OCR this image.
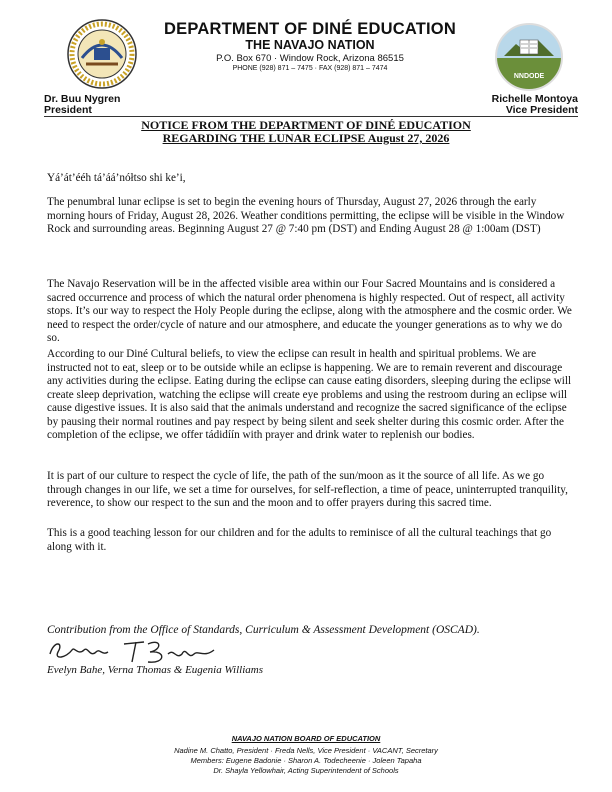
NNDODE
DEPARTMENT OF DINÉ EDUCATION
THE NAVAJO NATION
P.O. Box 670 · Window Rock, Arizona 86515
PHONE (928) 871 – 7475 · FAX (928) 871 – 7474
Dr. Buu Nygren
President
Richelle Montoya
Vice President
NOTICE FROM THE DEPARTMENT OF DINÉ EDUCATION
REGARDING THE LUNAR ECLIPSE August 27, 2026

Yá’át’ééh tá’áá’nółtso shi ke’i,

The penumbral lunar eclipse is set to begin the evening hours of Thursday, August 27, 2026 through the early morning hours of Friday, August 28, 2026. Weather conditions permitting, the eclipse will be visible in the Window Rock and surrounding areas. Beginning August 27 @ 7:40 pm (DST) and Ending August 28 @ 1:00am (DST)

The Navajo Reservation will be in the affected visible area within our Four Sacred Mountains and is considered a sacred occurrence and process of which the natural order phenomena is highly respected. Out of respect, all activity stops. It’s our way to respect the Holy People during the eclipse, along with the atmosphere and the cosmic order. We need to respect the order/cycle of nature and our atmosphere, and educate the younger generations as to why we do so.

According to our Diné Cultural beliefs, to view the eclipse can result in health and spiritual problems. We are instructed not to eat, sleep or to be outside while an eclipse is happening. We are to remain reverent and discourage any activities during the eclipse. Eating during the eclipse can cause eating disorders, sleeping during the eclipse will create sleep deprivation, watching the eclipse will create eye problems and using the restroom during an eclipse will cause digestive issues. It is also said that the animals understand and recognize the sacred significance of the eclipse by pausing their normal routines and pay respect by being silent and seek shelter during this cosmic order. After the completion of the eclipse, we offer tádidíín with prayer and drink water to replenish our bodies.

It is part of our culture to respect the cycle of life, the path of the sun/moon as it the source of all life. As we go through changes in our life, we set a time for ourselves, for self-reflection, a time of peace, uninterrupted tranquility, reverence, to show our respect to the sun and the moon and to offer prayers during this sacred time.

This is a good teaching lesson for our children and for the adults to reminisce of all the cultural teachings that go along with it.

Contribution from the Office of Standards, Curriculum & Assessment Development (OSCAD).
Evelyn Bahe, Verna Thomas & Eugenia Williams
NAVAJO NATION BOARD OF EDUCATION
Nadine M. Chatto, President · Freda Nells, Vice President · VACANT, Secretary
Members: Eugene Badonie · Sharon A. Todecheenie · Joleen Tapaha
Dr. Shayla Yellowhair, Acting Superintendent of Schools
